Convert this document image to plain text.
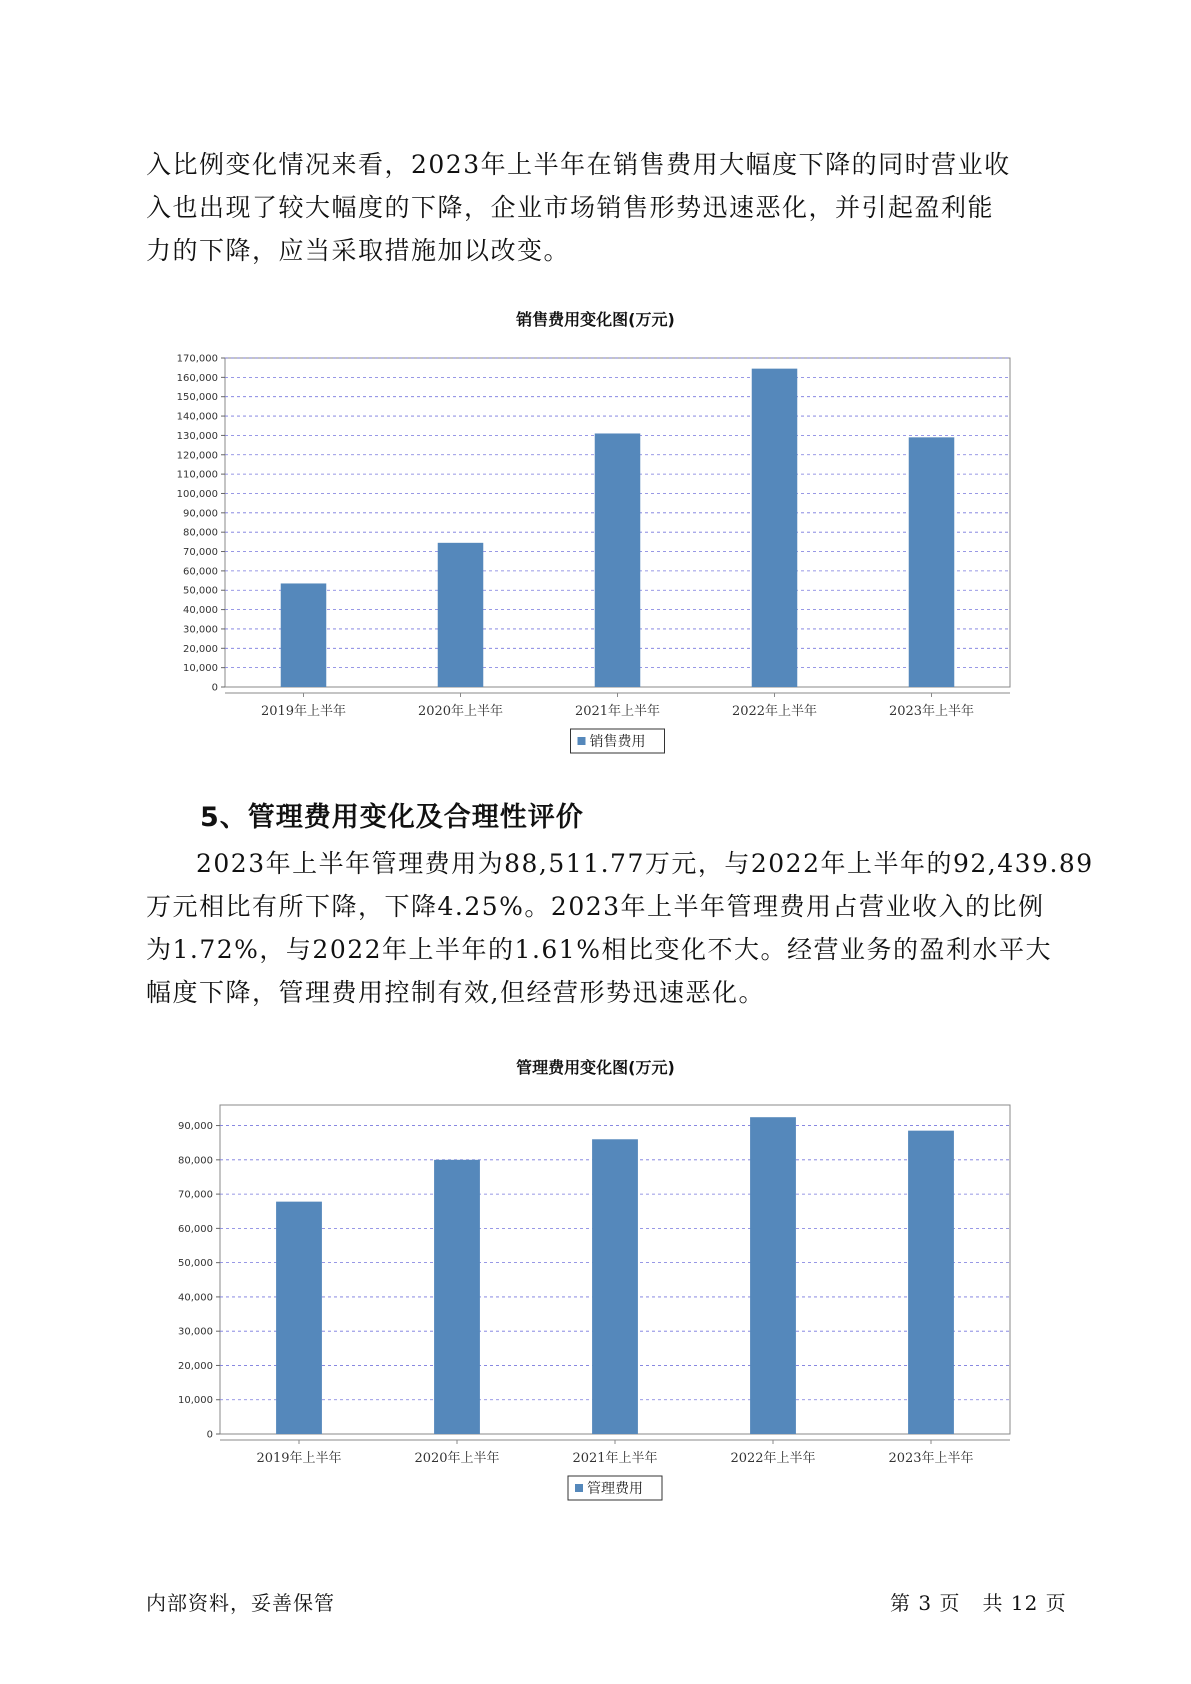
入比例变化情况来看，2023年上半年在销售费用大幅度下降的同时营业收
入也出现了较大幅度的下降，企业市场销售形势迅速恶化，并引起盈利能
力的下降，应当采取措施加以改变。
销售费用变化图(万元)
0
10,000
20,000
30,000
40,000
50,000
60,000
70,000
80,000
90,000
100,000
110,000
120,000
130,000
140,000
150,000
160,000
170,000
2019年上半年	2020年上半年	2021年上半年	2022年上半年	2023年上半年
销售费用
5、管理费用变化及合理性评价
2023年上半年管理费用为88,511.77万元，与2022年上半年的92,439.89
万元相比有所下降，下降4.25%。2023年上半年管理费用占营业收入的比例
为1.72%，与2022年上半年的1.61%相比变化不大。经营业务的盈利水平大
幅度下降，管理费用控制有效,但经营形势迅速恶化。
管理费用变化图(万元)
0
10,000
20,000
30,000
40,000
50,000
60,000
70,000
80,000
90,000
2019年上半年	2020年上半年	2021年上半年	2022年上半年	2023年上半年
管理费用
内部资料，妥善保管	第 3 页   共 12 页
